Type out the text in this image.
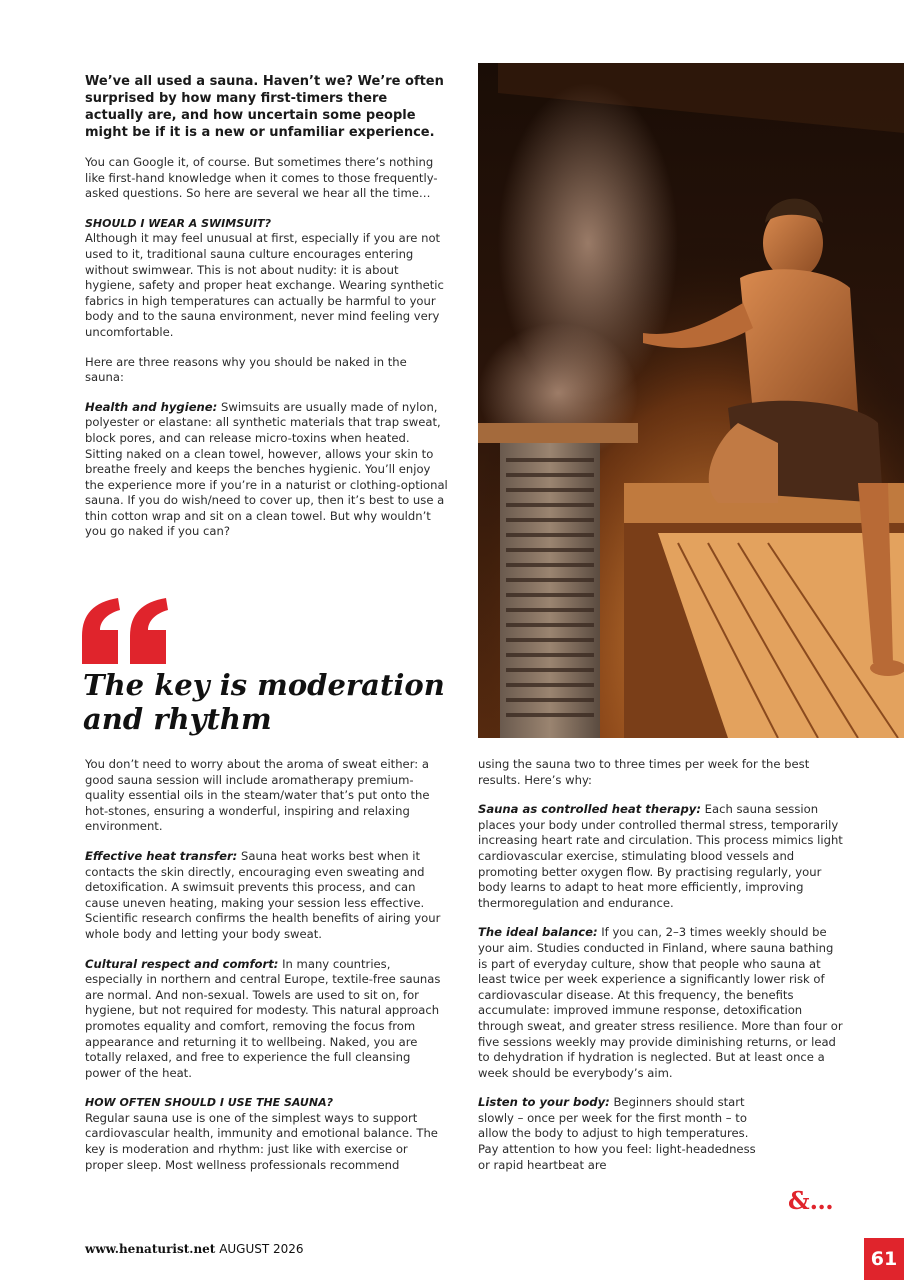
We’ve all used a sauna. Haven’t we? We’re often surprised by how many first-timers there actually are, and how uncertain some people might be if it is a new or unfamiliar experience.

You can Google it, of course. But sometimes there’s nothing like first-hand knowledge when it comes to those frequently-asked questions. So here are several we hear all the time…

SHOULD I WEAR A SWIMSUIT?

Although it may feel unusual at first, especially if you are not used to it, traditional sauna culture encourages entering without swimwear. This is not about nudity: it is about hygiene, safety and proper heat exchange. Wearing synthetic fabrics in high temperatures can actually be harmful to your body and to the sauna environment, never mind feeling very uncomfortable.

Here are three reasons why you should be naked in the sauna:

Health and hygiene: Swimsuits are usually made of nylon, polyester or elastane: all synthetic materials that trap sweat, block pores, and can release micro-toxins when heated. Sitting naked on a clean towel, however, allows your skin to breathe freely and keeps the benches hygienic. You’ll enjoy the experience more if you’re in a naturist or clothing-optional sauna. If you do wish/need to cover up, then it’s best to use a thin cotton wrap and sit on a clean towel. But why wouldn’t you go naked if you can?

The key is moderation and rhythm

You don’t need to worry about the aroma of sweat either: a good sauna session will include aromatherapy premium-quality essential oils in the steam/water that’s put onto the hot-stones, ensuring a wonderful, inspiring and relaxing environment.

Effective heat transfer: Sauna heat works best when it contacts the skin directly, encouraging even sweating and detoxification. A swimsuit prevents this process, and can cause uneven heating, making your session less effective. Scientific research confirms the health benefits of airing your whole body and letting your body sweat.

Cultural respect and comfort: In many countries, especially in northern and central Europe, textile-free saunas are normal. And non-sexual. Towels are used to sit on, for hygiene, but not required for modesty. This natural approach promotes equality and comfort, removing the focus from appearance and returning it to wellbeing. Naked, you are totally relaxed, and free to experience the full cleansing power of the heat.

HOW OFTEN SHOULD I USE THE SAUNA?

Regular sauna use is one of the simplest ways to support cardiovascular health, immunity and emotional balance. The key is moderation and rhythm: just like with exercise or proper sleep. Most wellness professionals recommend

using the sauna two to three times per week for the best results. Here’s why:

Sauna as controlled heat therapy: Each sauna session places your body under controlled thermal stress, temporarily increasing heart rate and circulation. This process mimics light cardiovascular exercise, stimulating blood vessels and promoting better oxygen flow. By practising regularly, your body learns to adapt to heat more efficiently, improving thermoregulation and endurance.

The ideal balance: If you can, 2–3 times weekly should be your aim. Studies conducted in Finland, where sauna bathing is part of everyday culture, show that people who sauna at least twice per week experience a significantly lower risk of cardiovascular disease. At this frequency, the benefits accumulate: improved immune response, detoxification through sweat, and greater stress resilience. More than four or five sessions weekly may provide diminishing returns, or lead to dehydration if hydration is neglected. But at least once a week should be everybody’s aim.

Listen to your body: Beginners should start slowly – once per week for the first month – to allow the body to adjust to high temperatures. Pay attention to how you feel: light-headedness or rapid heartbeat are

&…
www.henaturist.net AUGUST 2026	61
